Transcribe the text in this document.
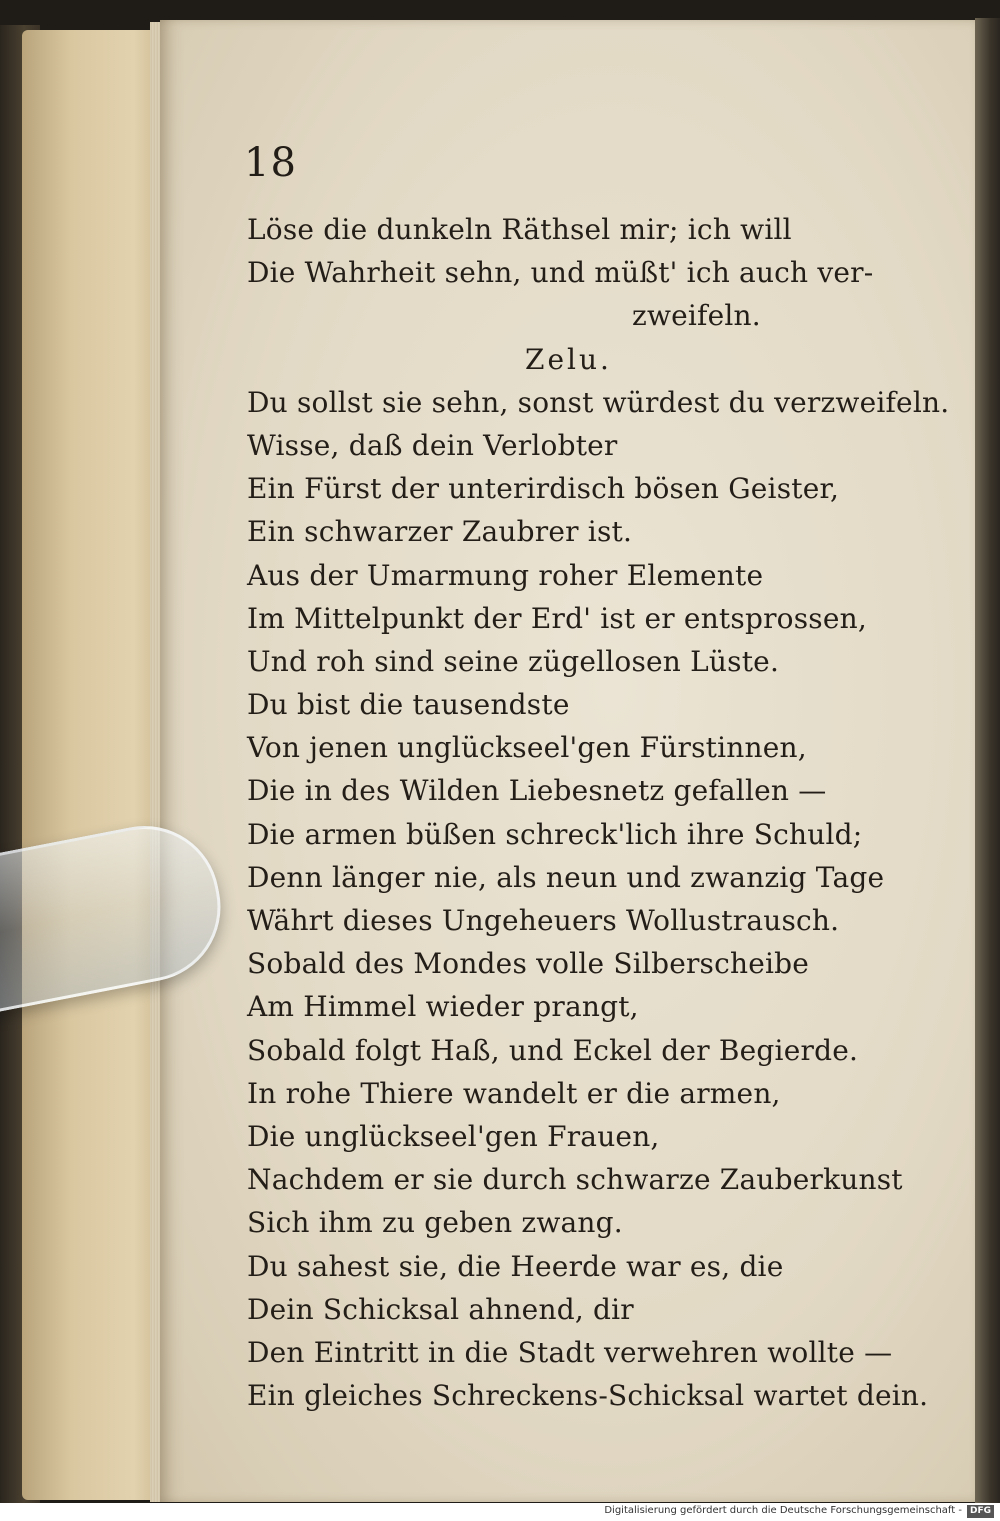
18
Löse die dunkeln Räthsel mir; ich will
Die Wahrheit sehn, und müßt' ich auch ver-
zweifeln.
Zelu.
Du sollst sie sehn, sonst würdest du verzweifeln.
Wisse, daß dein Verlobter
Ein Fürst der unterirdisch bösen Geister,
Ein schwarzer Zaubrer ist.
Aus der Umarmung roher Elemente
Im Mittelpunkt der Erd' ist er entsprossen,
Und roh sind seine zügellosen Lüste.
Du bist die tausendste
Von jenen unglückseel'gen Fürstinnen,
Die in des Wilden Liebesnetz gefallen —
Die armen büßen schreck'lich ihre Schuld;
Denn länger nie, als neun und zwanzig Tage
Währt dieses Ungeheuers Wollustrausch.
Sobald des Mondes volle Silberscheibe
Am Himmel wieder prangt,
Sobald folgt Haß, und Eckel der Begierde.
In rohe Thiere wandelt er die armen,
Die unglückseel'gen Frauen,
Nachdem er sie durch schwarze Zauberkunst
Sich ihm zu geben zwang.
Du sahest sie, die Heerde war es, die
Dein Schicksal ahnend, dir
Den Eintritt in die Stadt verwehren wollte —
Ein gleiches Schreckens-Schicksal wartet dein.
Digitalisierung gefördert durch die Deutsche Forschungsgemeinschaft - DFG
